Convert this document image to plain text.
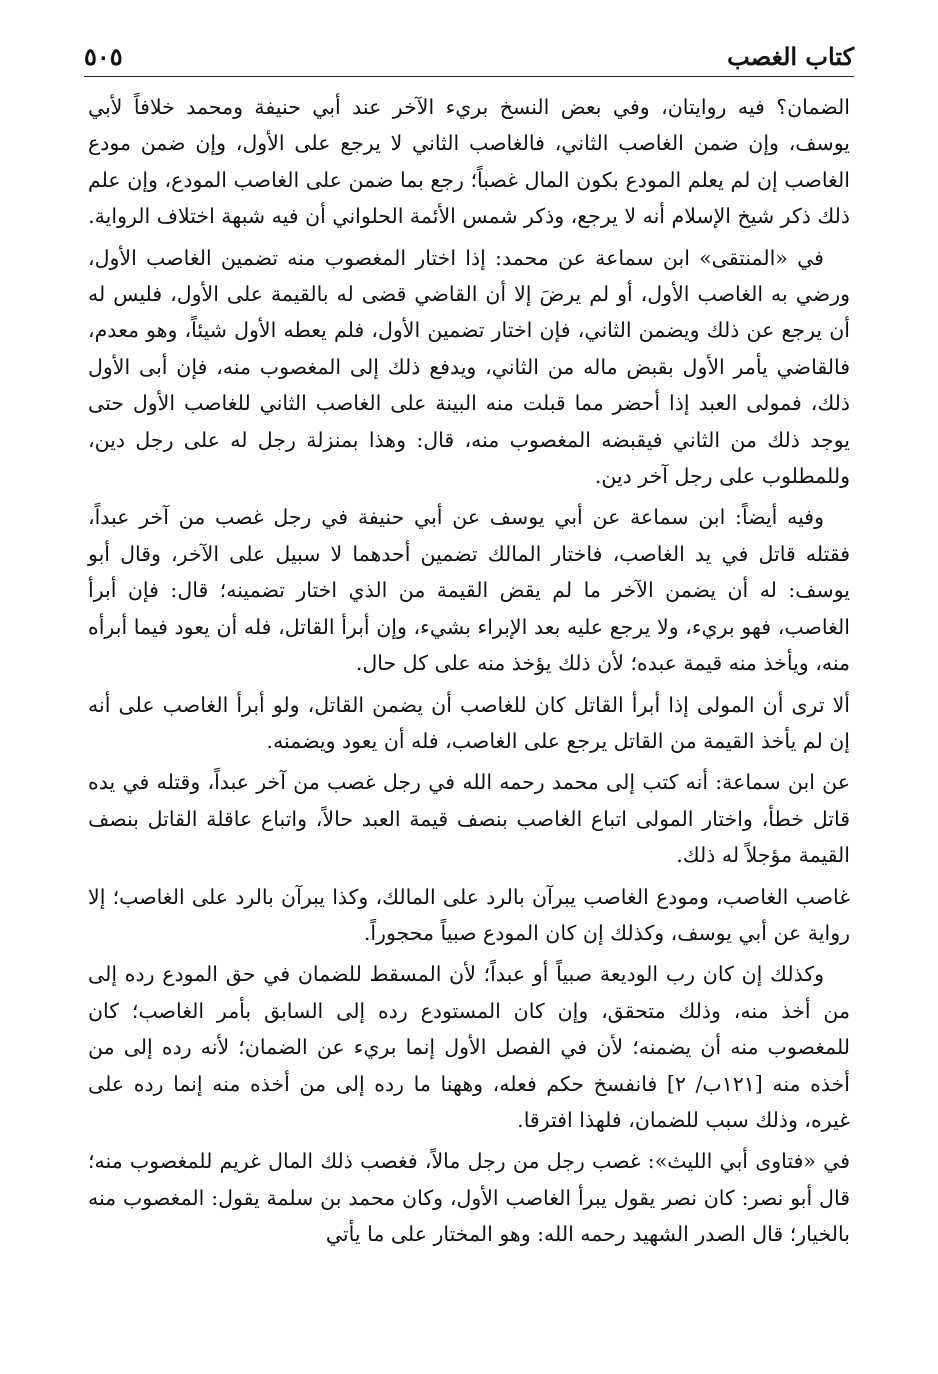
كتاب الغصب
٥٠٥

الضمان؟ فيه روايتان، وفي بعض النسخ بريء الآخر عند أبي حنيفة ومحمد خلافاً لأبي يوسف، وإن ضمن الغاصب الثاني، فالغاصب الثاني لا يرجع على الأول، وإن ضمن مودع الغاصب إن لم يعلم المودع بكون المال غصباً؛ رجع بما ضمن على الغاصب المودع، وإن علم ذلك ذكر شيخ الإسلام أنه لا يرجع، وذكر شمس الأئمة الحلواني أن فيه شبهة اختلاف الرواية.

في «المنتقى» ابن سماعة عن محمد: إذا اختار المغصوب منه تضمين الغاصب الأول، ورضي به الغاصب الأول، أو لم يرضَ إلا أن القاضي قضى له بالقيمة على الأول، فليس له أن يرجع عن ذلك ويضمن الثاني، فإن اختار تضمين الأول، فلم يعطه الأول شيئاً، وهو معدم، فالقاضي يأمر الأول بقبض ماله من الثاني، ويدفع ذلك إلى المغصوب منه، فإن أبى الأول ذلك، فمولى العبد إذا أحضر مما قبلت منه البينة على الغاصب الثاني للغاصب الأول حتى يوجد ذلك من الثاني فيقبضه المغصوب منه، قال: وهذا بمنزلة رجل له على رجل دين، وللمطلوب على رجل آخر دين.

وفيه أيضاً: ابن سماعة عن أبي يوسف عن أبي حنيفة في رجل غصب من آخر عبداً، فقتله قاتل في يد الغاصب، فاختار المالك تضمين أحدهما لا سبيل على الآخر، وقال أبو يوسف: له أن يضمن الآخر ما لم يقض القيمة من الذي اختار تضمينه؛ قال: فإن أبرأ الغاصب، فهو بريء، ولا يرجع عليه بعد الإبراء بشيء، وإن أبرأ القاتل، فله أن يعود فيما أبرأه منه، ويأخذ منه قيمة عبده؛ لأن ذلك يؤخذ منه على كل حال.

ألا ترى أن المولى إذا أبرأ القاتل كان للغاصب أن يضمن القاتل، ولو أبرأ الغاصب على أنه إن لم يأخذ القيمة من القاتل يرجع على الغاصب، فله أن يعود ويضمنه.

عن ابن سماعة: أنه كتب إلى محمد رحمه الله في رجل غصب من آخر عبداً، وقتله في يده قاتل خطأ، واختار المولى اتباع الغاصب بنصف قيمة العبد حالاً، واتباع عاقلة القاتل بنصف القيمة مؤجلاً له ذلك.

غاصب الغاصب، ومودع الغاصب يبرآن بالرد على المالك، وكذا يبرآن بالرد على الغاصب؛ إلا رواية عن أبي يوسف، وكذلك إن كان المودع صبياً محجوراً.

وكذلك إن كان رب الوديعة صبياً أو عبداً؛ لأن المسقط للضمان في حق المودع رده إلى من أخذ منه، وذلك متحقق، وإن كان المستودع رده إلى السابق بأمر الغاصب؛ كان للمغصوب منه أن يضمنه؛ لأن في الفصل الأول إنما بريء عن الضمان؛ لأنه رده إلى من أخذه منه [١٢١ب/ ٢] فانفسخ حكم فعله، وههنا ما رده إلى من أخذه منه إنما رده على غيره، وذلك سبب للضمان، فلهذا افترقا.

في «فتاوى أبي الليث»: غصب رجل من رجل مالاً، فغصب ذلك المال غريم للمغصوب منه؛ قال أبو نصر: كان نصر يقول يبرأ الغاصب الأول، وكان محمد بن سلمة يقول: المغصوب منه بالخيار؛ قال الصدر الشهيد رحمه الله: وهو المختار على ما يأتي
